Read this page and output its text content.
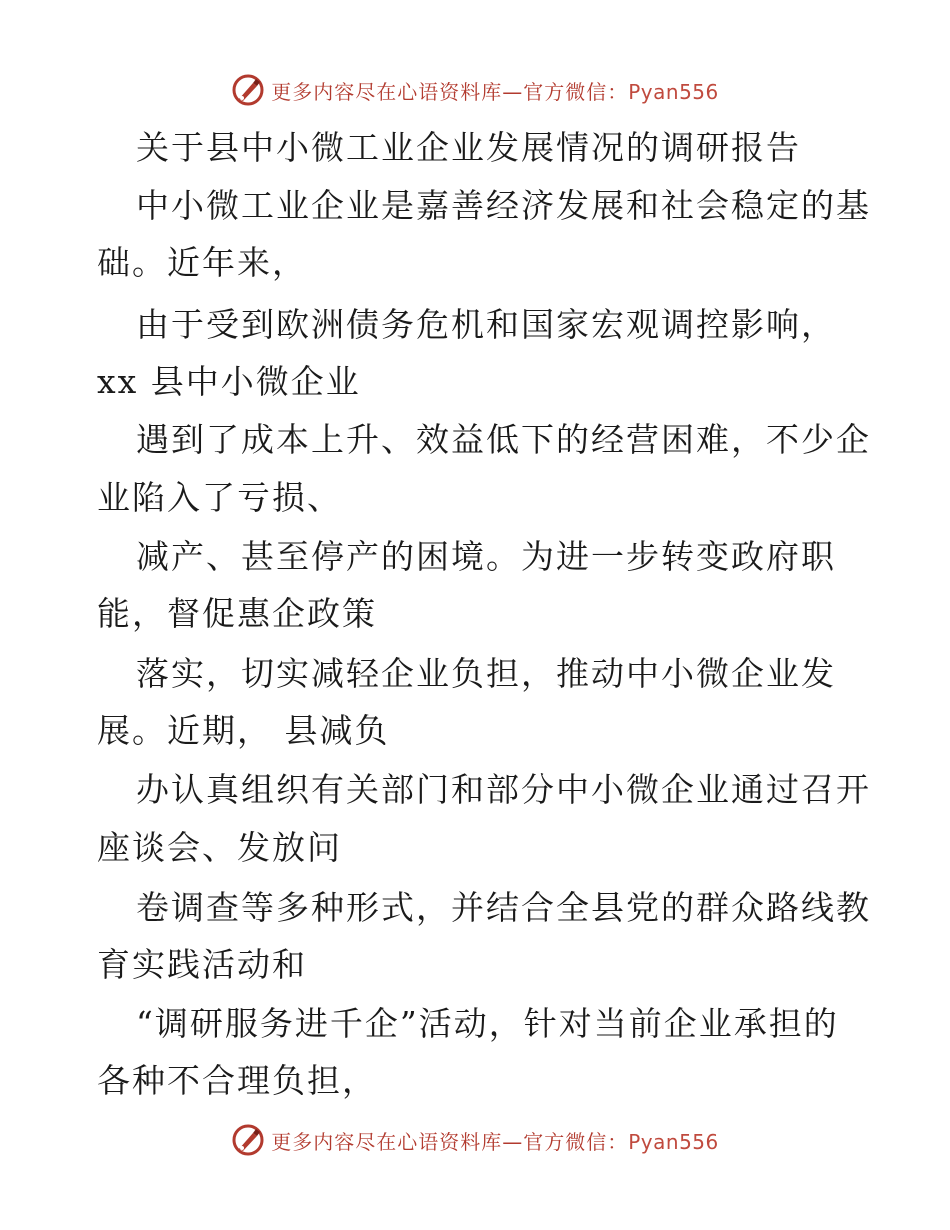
更多内容尽在心语资料库—官方微信：Pyan556
关于县中小微工业企业发展情况的调研报告
中小微工业企业是嘉善经济发展和社会稳定的基
础。近年来，
由于受到欧洲债务危机和国家宏观调控影响，
xx 县中小微企业
遇到了成本上升、效益低下的经营困难，不少企
业陷入了亏损、
减产、甚至停产的困境。为进一步转变政府职
能，督促惠企政策
落实，切实减轻企业负担，推动中小微企业发
展。近期， 县减负
办认真组织有关部门和部分中小微企业通过召开
座谈会、发放问
卷调查等多种形式，并结合全县党的群众路线教
育实践活动和
“调研服务进千企”活动，针对当前企业承担的
各种不合理负担，
更多内容尽在心语资料库—官方微信：Pyan556
